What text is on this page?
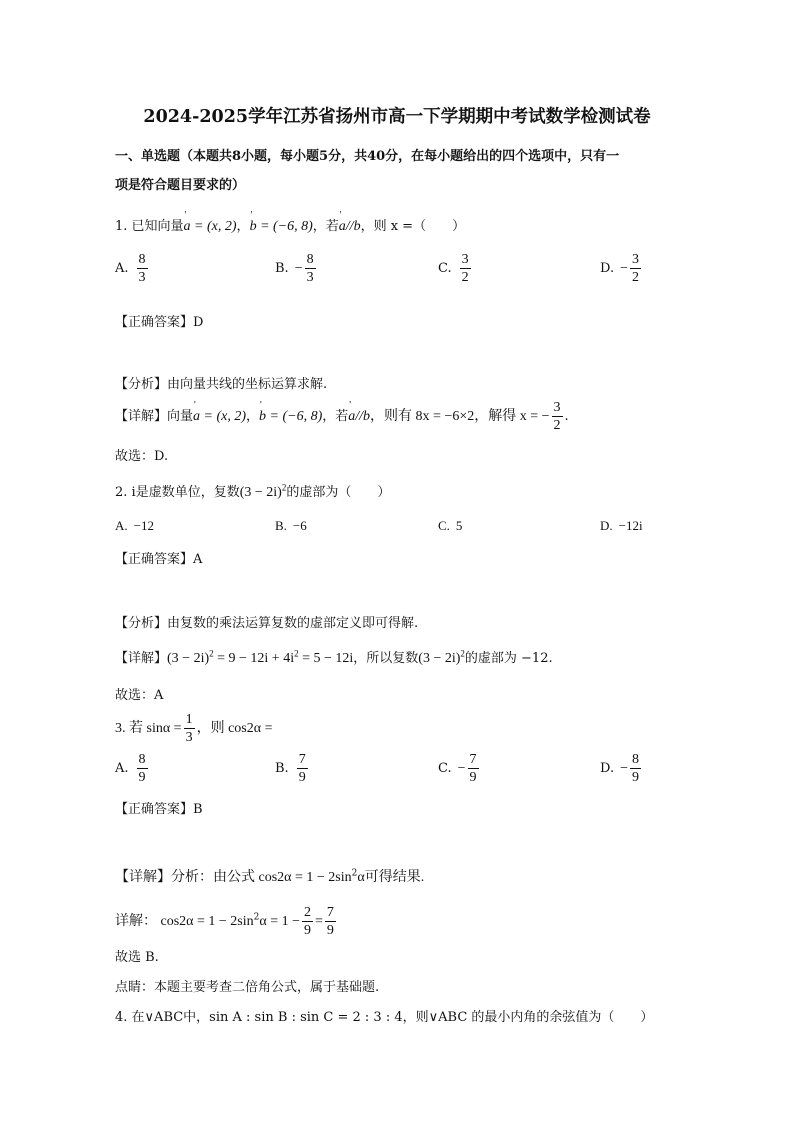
2024-2025学年江苏省扬州市高一下学期期中考试数学检测试卷
一、单选题（本题共8小题，每小题5分，共40分，在每小题给出的四个选项中，只有一
项是符合题目要求的）
1. 已知向量' a = (x, 2)，' b = (−6, 8)，若' a//b，则 x =（　　）
A. $\frac{8}{3}$	B. − $\frac{8}{3}$	C. $\frac{3}{2}$	D. − $\frac{3}{2}$
【正确答案】D
【分析】由向量共线的坐标运算求解.
【详解】向量' a = (x, 2)，' b = (−6, 8)，若' a//b，则有 8x = −6×2，解得 x = − $\frac{3}{2}$ .
故选：D.
2. i是虚数单位，复数$(3 - 2i)^2$的虚部为（　　）
A. −12	B. −6	C. 5	D. −12i
【正确答案】A
【分析】由复数的乘法运算复数的虚部定义即可得解.
【详解】$(3 - 2i)^2 = 9 - 12i + 4i^2 = 5 - 12i$，所以复数$(3 - 2i)^2$的虚部为 −12.
故选：A
3. 若 $\sin\alpha = \frac{1}{3}$ ，则 cos2α =
A. $\frac{8}{9}$	B. $\frac{7}{9}$	C. − $\frac{7}{9}$	D. − $\frac{8}{9}$
【正确答案】B
【详解】分析：由公式 $\cos 2\alpha = 1 - 2\sin^2\alpha$可得结果.
详解： $\cos 2\alpha = 1 - 2\sin^2\alpha = 1 - \frac{2}{9} = \frac{7}{9}$
故选 B.
点睛：本题主要考查二倍角公式，属于基础题.
4. 在∨ABC中，sin A : sin B : sin C = 2 : 3 : 4，则∨ABC 的最小内角的余弦值为（　　）
